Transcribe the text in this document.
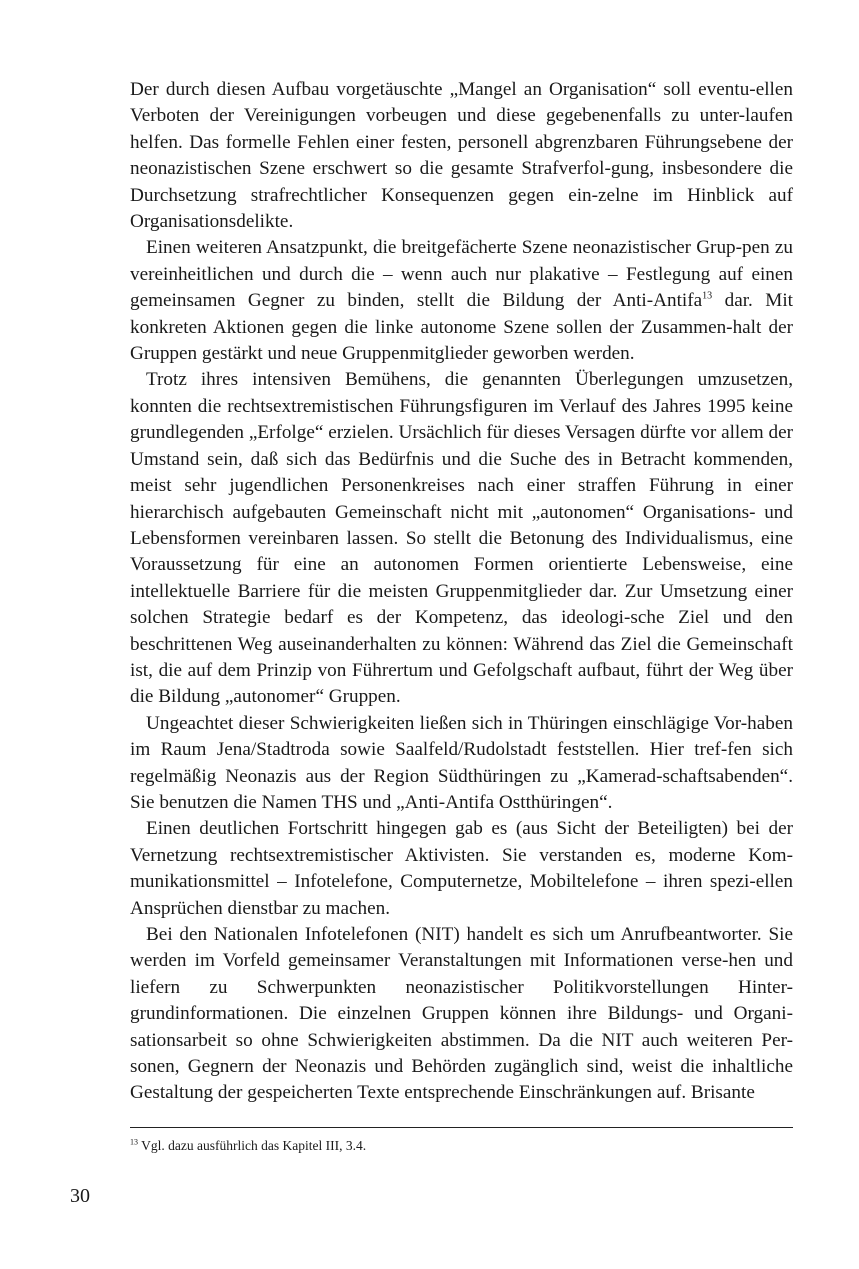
Der durch diesen Aufbau vorgetäuschte „Mangel an Organisation“ soll eventu-ellen Verboten der Vereinigungen vorbeugen und diese gegebenenfalls zu unter-laufen helfen. Das formelle Fehlen einer festen, personell abgrenzbaren Führungsebene der neonazistischen Szene erschwert so die gesamte Strafverfol-gung, insbesondere die Durchsetzung strafrechtlicher Konsequenzen gegen ein-zelne im Hinblick auf Organisationsdelikte.

Einen weiteren Ansatzpunkt, die breitgefächerte Szene neonazistischer Grup-pen zu vereinheitlichen und durch die – wenn auch nur plakative – Festlegung auf einen gemeinsamen Gegner zu binden, stellt die Bildung der Anti-Antifa$^{13}$ dar. Mit konkreten Aktionen gegen die linke autonome Szene sollen der Zusammen-halt der Gruppen gestärkt und neue Gruppenmitglieder geworben werden.

Trotz ihres intensiven Bemühens, die genannten Überlegungen umzusetzen, konnten die rechtsextremistischen Führungsfiguren im Verlauf des Jahres 1995 keine grundlegenden „Erfolge“ erzielen. Ursächlich für dieses Versagen dürfte vor allem der Umstand sein, daß sich das Bedürfnis und die Suche des in Betracht kommenden, meist sehr jugendlichen Personenkreises nach einer straffen Führung in einer hierarchisch aufgebauten Gemeinschaft nicht mit „autonomen“ Organisations- und Lebensformen vereinbaren lassen. So stellt die Betonung des Individualismus, eine Voraussetzung für eine an autonomen Formen orientierte Lebensweise, eine intellektuelle Barriere für die meisten Gruppenmitglieder dar. Zur Umsetzung einer solchen Strategie bedarf es der Kompetenz, das ideologi-sche Ziel und den beschrittenen Weg auseinanderhalten zu können: Während das Ziel die Gemeinschaft ist, die auf dem Prinzip von Führertum und Gefolgschaft aufbaut, führt der Weg über die Bildung „autonomer“ Gruppen.

Ungeachtet dieser Schwierigkeiten ließen sich in Thüringen einschlägige Vor-haben im Raum Jena/Stadtroda sowie Saalfeld/Rudolstadt feststellen. Hier tref-fen sich regelmäßig Neonazis aus der Region Südthüringen zu „Kamerad-schaftsabenden“. Sie benutzen die Namen THS und „Anti-Antifa Ostthüringen“.

Einen deutlichen Fortschritt hingegen gab es (aus Sicht der Beteiligten) bei der Vernetzung rechtsextremistischer Aktivisten. Sie verstanden es, moderne Kom-munikationsmittel – Infotelefone, Computernetze, Mobiltelefone – ihren spezi-ellen Ansprüchen dienstbar zu machen.

Bei den Nationalen Infotelefonen (NIT) handelt es sich um Anrufbeantworter. Sie werden im Vorfeld gemeinsamer Veranstaltungen mit Informationen verse-hen und liefern zu Schwerpunkten neonazistischer Politikvorstellungen Hinter-grundinformationen. Die einzelnen Gruppen können ihre Bildungs- und Organi-sationsarbeit so ohne Schwierigkeiten abstimmen. Da die NIT auch weiteren Per-sonen, Gegnern der Neonazis und Behörden zugänglich sind, weist die inhaltliche Gestaltung der gespeicherten Texte entsprechende Einschränkungen auf. Brisante

$^{13}$ Vgl. dazu ausführlich das Kapitel III, 3.4.
30
